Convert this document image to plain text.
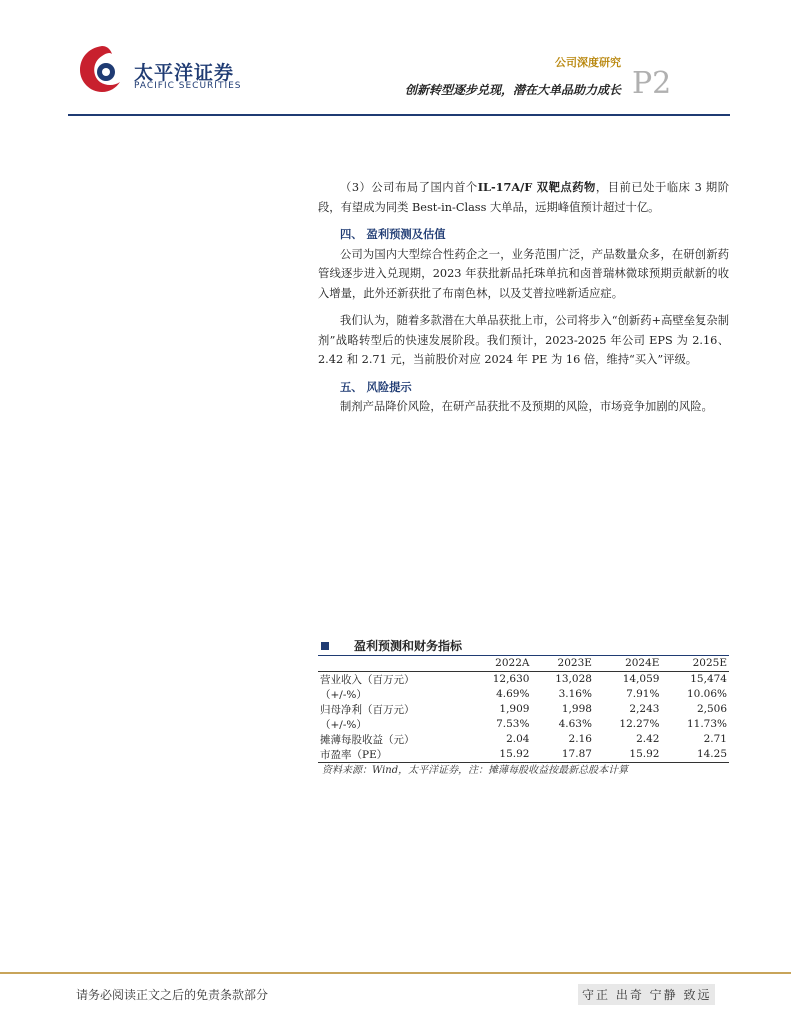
太平洋证券
PACIFIC SECURITIES
公司深度研究
创新转型逐步兑现，潜在大单品助力成长 P2

（3）公司布局了国内首个IL-17A/F 双靶点药物，目前已处于临床 3 期阶段，有望成为同类 Best-in-Class 大单品，远期峰值预计超过十亿。

四、 盈利预测及估值

公司为国内大型综合性药企之一，业务范围广泛，产品数量众多，在研创新药管线逐步进入兑现期，2023 年获批新品托珠单抗和卤普瑞林微球预期贡献新的收入增量，此外还新获批了布南色林，以及艾普拉唑新适应症。

我们认为，随着多款潜在大单品获批上市，公司将步入“创新药+高壁垒复杂制剂”战略转型后的快速发展阶段。我们预计，2023-2025 年公司 EPS 为 2.16、2.42 和 2.71 元，当前股价对应 2024 年 PE 为 16 倍，维持“买入”评级。

五、 风险提示

制剂产品降价风险，在研产品获批不及预期的风险，市场竞争加剧的风险。

盈利预测和财务指标
	2022A	2023E	2024E	2025E
营业收入（百万元）	12,630	13,028	14,059	15,474
（+/-%）	4.69%	3.16%	7.91%	10.06%
归母净利（百万元）	1,909	1,998	2,243	2,506
（+/-%）	7.53%	4.63%	12.27%	11.73%
摊薄每股收益（元）	2.04	2.16	2.42	2.71
市盈率（PE）	15.92	17.87	15.92	14.25
资料来源：Wind，太平洋证券，注：摊薄每股收益按最新总股本计算
请务必阅读正文之后的免责条款部分	守正 出奇 宁静 致远
